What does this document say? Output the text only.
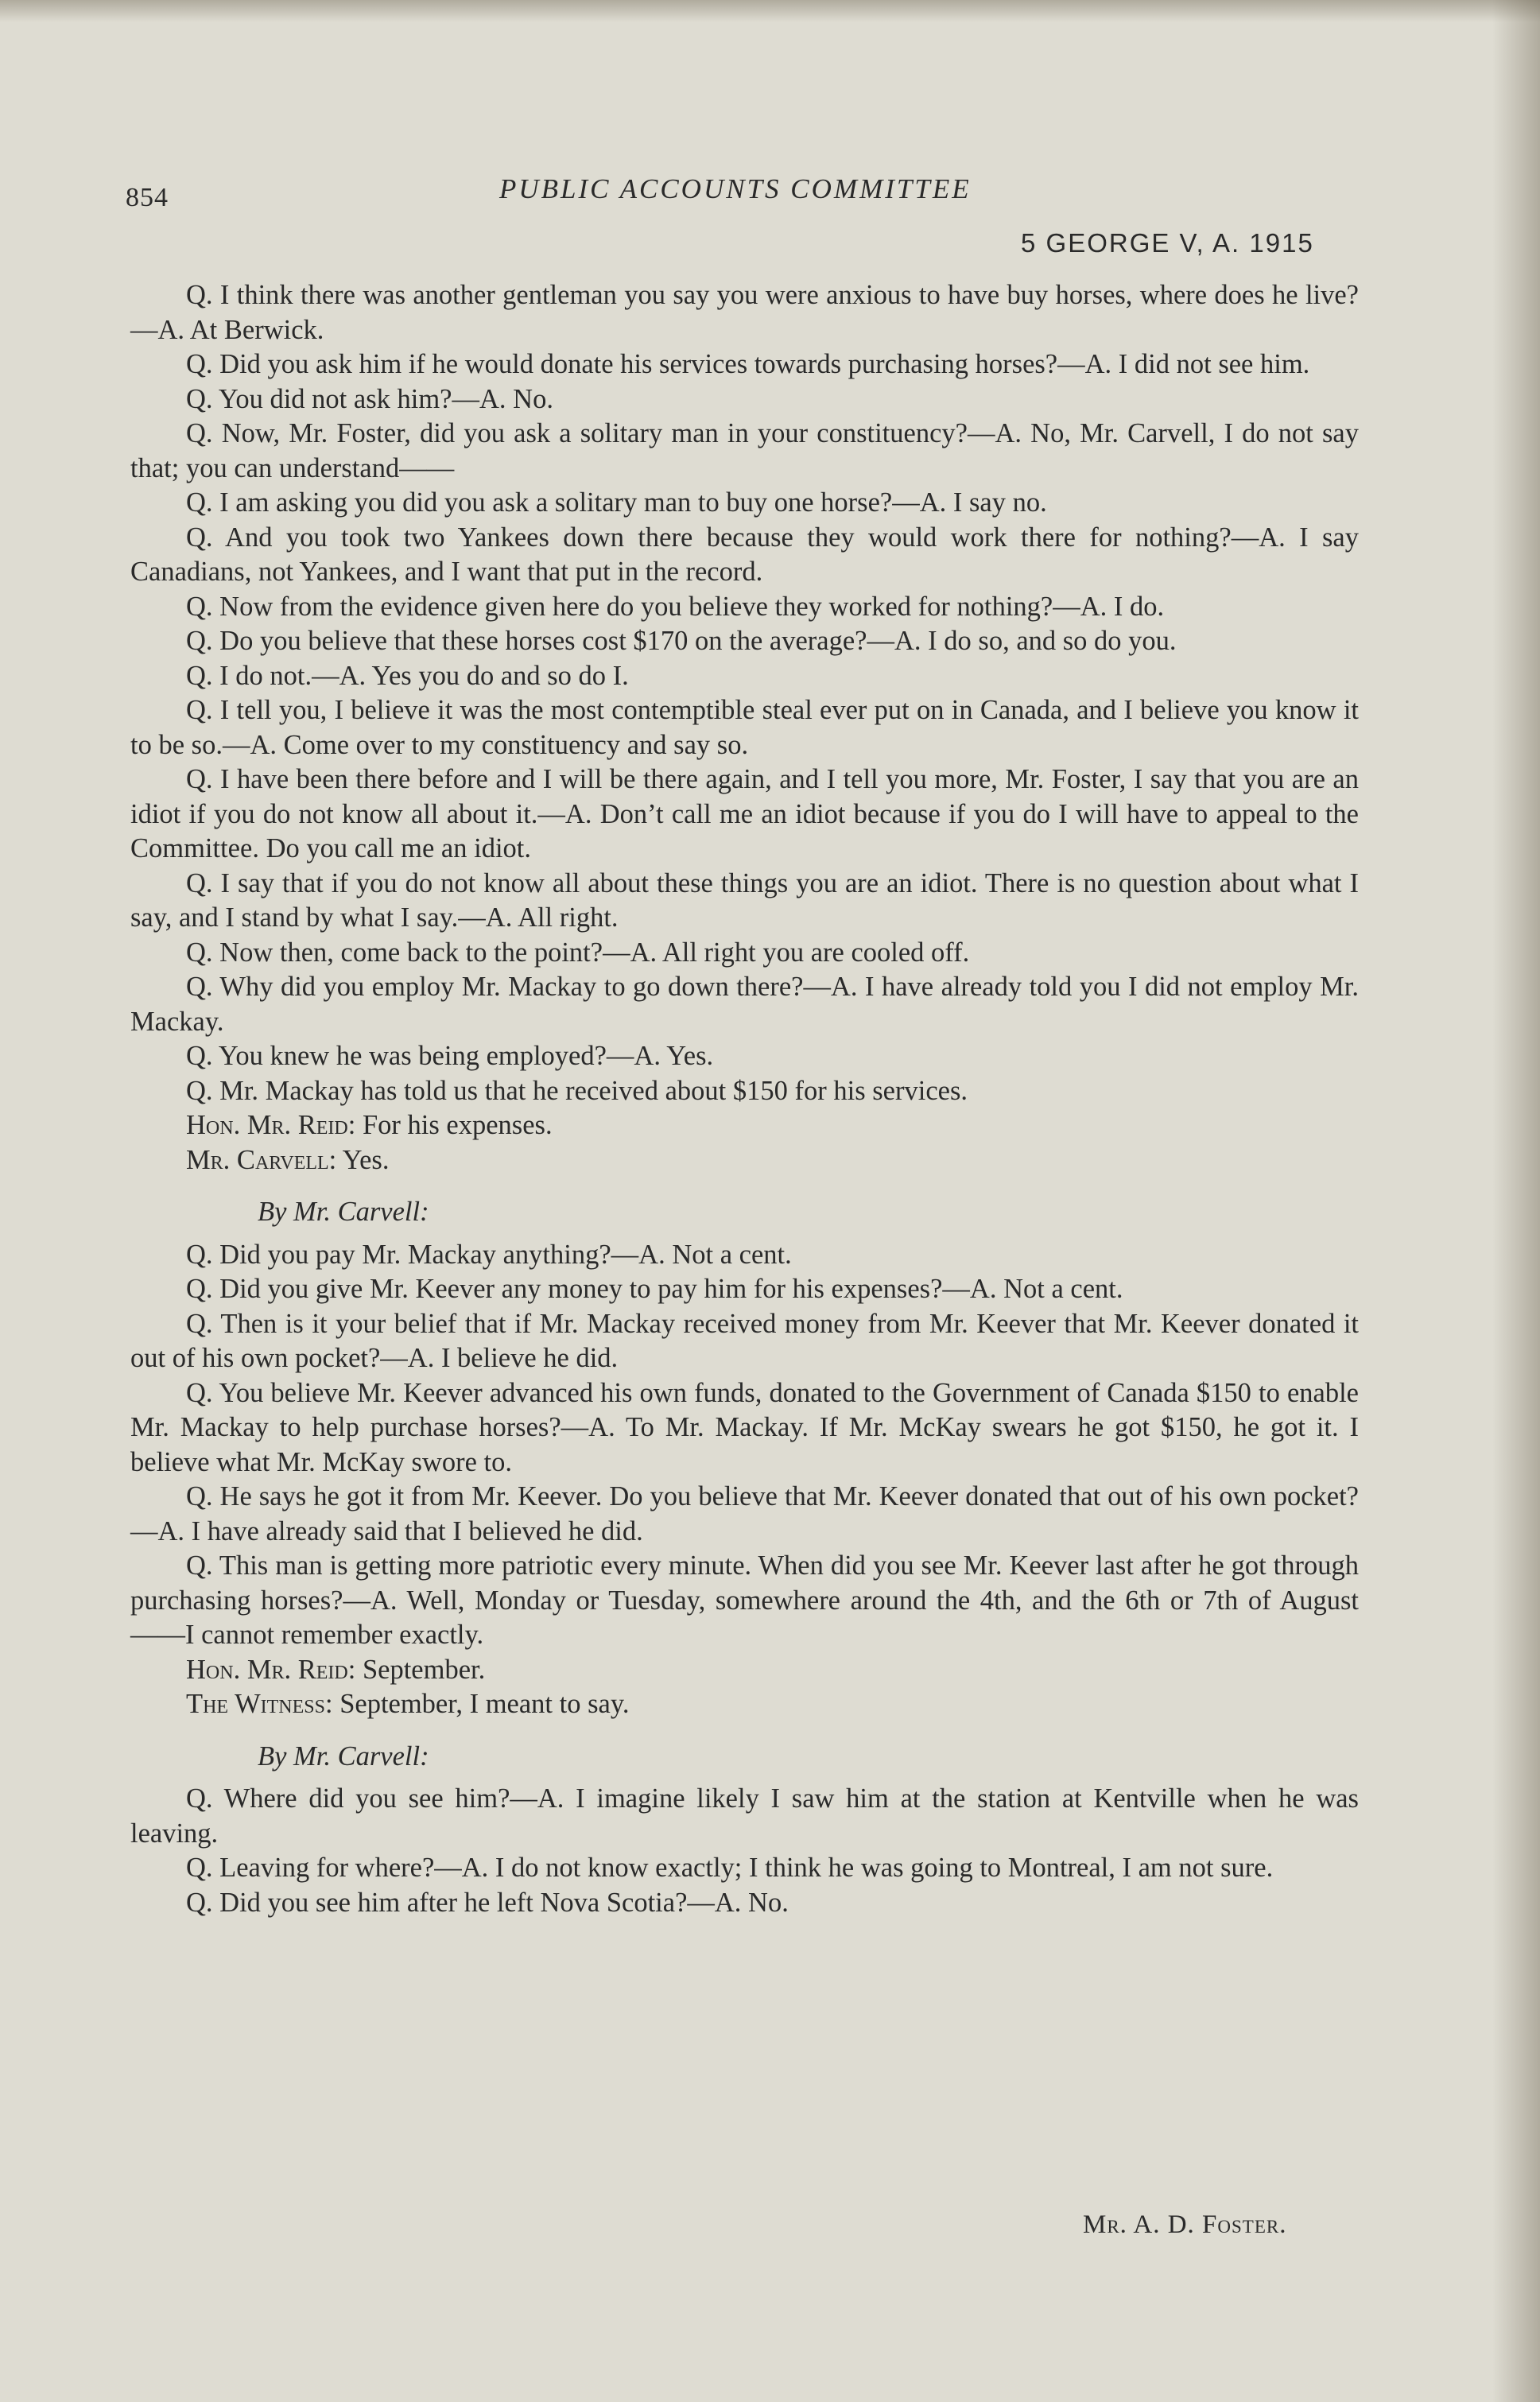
854	PUBLIC ACCOUNTS COMMITTEE
5 GEORGE V, A. 1915

Q. I think there was another gentleman you say you were anxious to have buy horses, where does he live?—A. At Berwick.

Q. Did you ask him if he would donate his services towards purchasing horses?—A. I did not see him.

Q. You did not ask him?—A. No.

Q. Now, Mr. Foster, did you ask a solitary man in your constituency?—A. No, Mr. Carvell, I do not say that; you can understand——

Q. I am asking you did you ask a solitary man to buy one horse?—A. I say no.

Q. And you took two Yankees down there because they would work there for nothing?—A. I say Canadians, not Yankees, and I want that put in the record.

Q. Now from the evidence given here do you believe they worked for nothing?—A. I do.

Q. Do you believe that these horses cost $170 on the average?—A. I do so, and so do you.

Q. I do not.—A. Yes you do and so do I.

Q. I tell you, I believe it was the most contemptible steal ever put on in Canada, and I believe you know it to be so.—A. Come over to my constituency and say so.

Q. I have been there before and I will be there again, and I tell you more, Mr. Foster, I say that you are an idiot if you do not know all about it.—A. Don’t call me an idiot because if you do I will have to appeal to the Committee. Do you call me an idiot.

Q. I say that if you do not know all about these things you are an idiot. There is no question about what I say, and I stand by what I say.—A. All right.

Q. Now then, come back to the point?—A. All right you are cooled off.

Q. Why did you employ Mr. Mackay to go down there?—A. I have already told you I did not employ Mr. Mackay.

Q. You knew he was being employed?—A. Yes.

Q. Mr. Mackay has told us that he received about $150 for his services.

Hon. Mr. Reid: For his expenses.

Mr. Carvell: Yes.

By Mr. Carvell:

Q. Did you pay Mr. Mackay anything?—A. Not a cent.

Q. Did you give Mr. Keever any money to pay him for his expenses?—A. Not a cent.

Q. Then is it your belief that if Mr. Mackay received money from Mr. Keever that Mr. Keever donated it out of his own pocket?—A. I believe he did.

Q. You believe Mr. Keever advanced his own funds, donated to the Government of Canada $150 to enable Mr. Mackay to help purchase horses?—A. To Mr. Mackay. If Mr. McKay swears he got $150, he got it. I believe what Mr. McKay swore to.

Q. He says he got it from Mr. Keever. Do you believe that Mr. Keever donated that out of his own pocket?—A. I have already said that I believed he did.

Q. This man is getting more patriotic every minute. When did you see Mr. Keever last after he got through purchasing horses?—A. Well, Monday or Tuesday, somewhere around the 4th, and the 6th or 7th of August——I cannot remember exactly.

Hon. Mr. Reid: September.

The Witness: September, I meant to say.

By Mr. Carvell:

Q. Where did you see him?—A. I imagine likely I saw him at the station at Kentville when he was leaving.

Q. Leaving for where?—A. I do not know exactly; I think he was going to Montreal, I am not sure.

Q. Did you see him after he left Nova Scotia?—A. No.

Mr. A. D. Foster.
